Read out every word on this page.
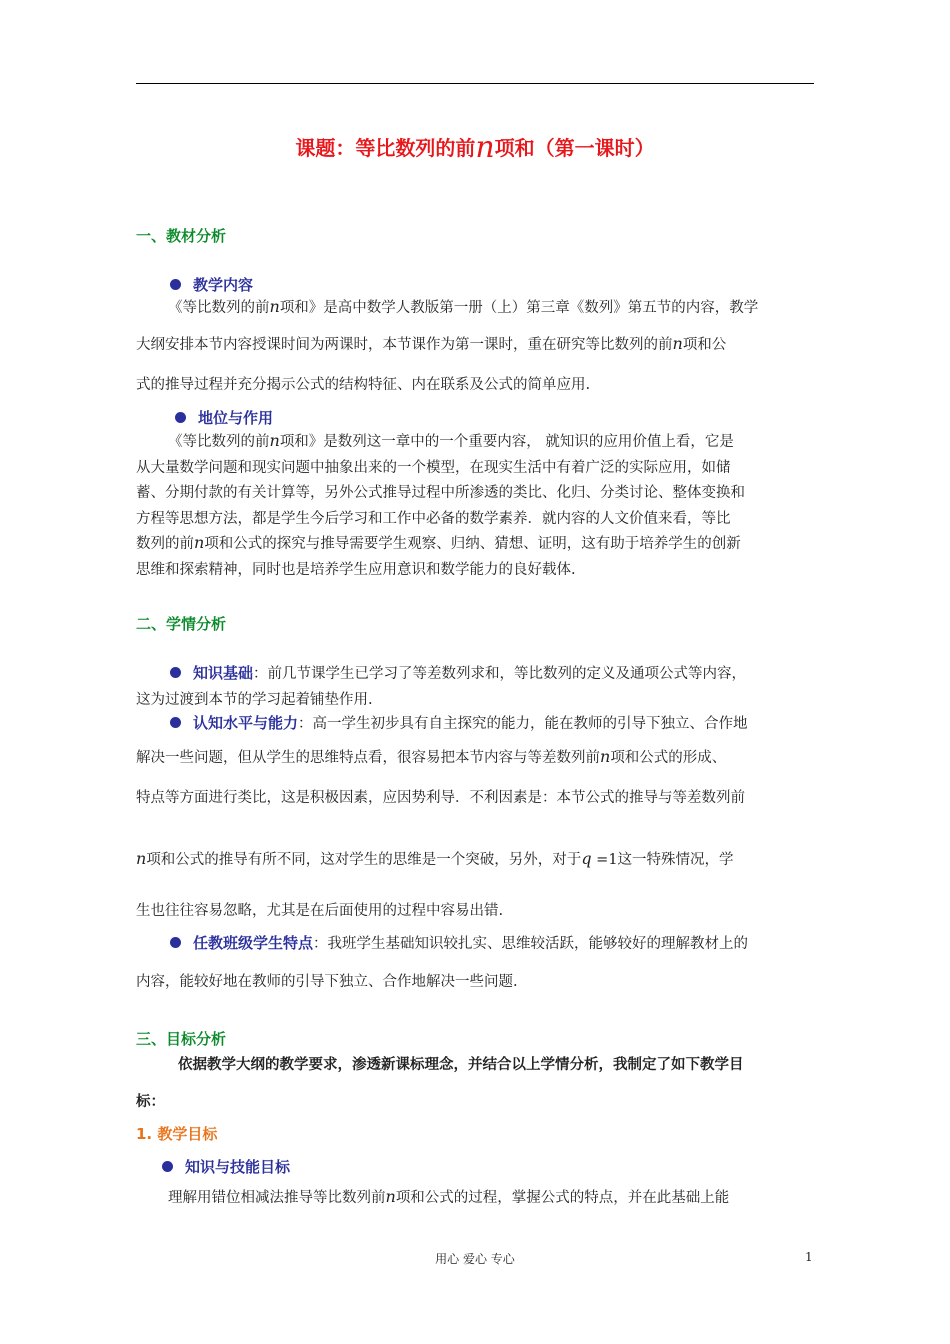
课题：等比数列的前n项和（第一课时）
一、教材分析
教学内容
《等比数列的前n项和》是高中数学人教版第一册（上）第三章《数列》第五节的内容，教学
大纲安排本节内容授课时间为两课时，本节课作为第一课时，重在研究等比数列的前n项和公
式的推导过程并充分揭示公式的结构特征、内在联系及公式的简单应用.
地位与作用
《等比数列的前n项和》是数列这一章中的一个重要内容， 就知识的应用价值上看，它是
从大量数学问题和现实问题中抽象出来的一个模型，在现实生活中有着广泛的实际应用，如储
蓄、分期付款的有关计算等，另外公式推导过程中所渗透的类比、化归、分类讨论、整体变换和
方程等思想方法，都是学生今后学习和工作中必备的数学素养．就内容的人文价值来看，等比
数列的前n项和公式的探究与推导需要学生观察、归纳、猜想、证明，这有助于培养学生的创新
思维和探索精神，同时也是培养学生应用意识和数学能力的良好载体.
二、学情分析
知识基础：前几节课学生已学习了等差数列求和，等比数列的定义及通项公式等内容，
这为过渡到本节的学习起着铺垫作用.
认知水平与能力：高一学生初步具有自主探究的能力，能在教师的引导下独立、合作地
解决一些问题，但从学生的思维特点看，很容易把本节内容与等差数列前n项和公式的形成、
特点等方面进行类比，这是积极因素，应因势利导．不利因素是：本节公式的推导与等差数列前
n项和公式的推导有所不同，这对学生的思维是一个突破，另外，对于q =1这一特殊情况，学
生也往往容易忽略，尤其是在后面使用的过程中容易出错.
任教班级学生特点：我班学生基础知识较扎实、思维较活跃，能够较好的理解教材上的
内容，能较好地在教师的引导下独立、合作地解决一些问题.
三、目标分析
依据教学大纲的教学要求，渗透新课标理念，并结合以上学情分析，我制定了如下教学目
标：
1. 教学目标
知识与技能目标
理解用错位相减法推导等比数列前n项和公式的过程，掌握公式的特点，并在此基础上能
用心 爱心 专心	1
